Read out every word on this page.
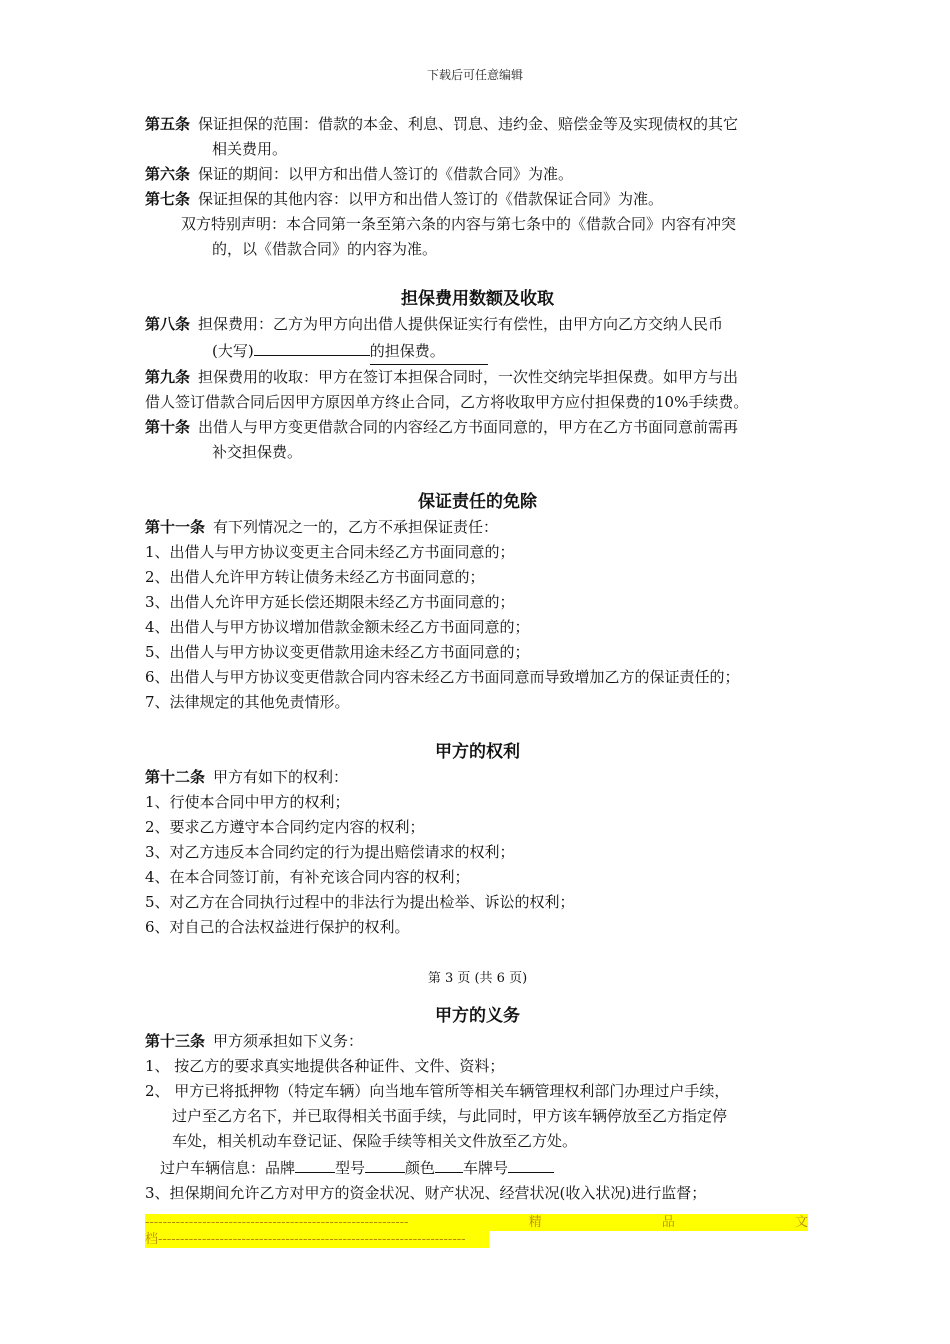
下载后可任意编辑
第五条 保证担保的范围：借款的本金、利息、罚息、违约金、赔偿金等及实现债权的其它
相关费用。
第六条 保证的期间：以甲方和出借人签订的《借款合同》为准。
第七条 保证担保的其他内容：以甲方和出借人签订的《借款保证合同》为准。
双方特别声明：本合同第一条至第六条的内容与第七条中的《借款合同》内容有冲突
的，以《借款合同》的内容为准。
担保费用数额及收取
第八条 担保费用：乙方为甲方向出借人提供保证实行有偿性，由甲方向乙方交纳人民币
(大写)	的担保费。
第九条 担保费用的收取：甲方在签订本担保合同时，一次性交纳完毕担保费。如甲方与出
借人签订借款合同后因甲方原因单方终止合同，乙方将收取甲方应付担保费的10%手续费。
第十条 出借人与甲方变更借款合同的内容经乙方书面同意的，甲方在乙方书面同意前需再
补交担保费。
保证责任的免除
第十一条 有下列情况之一的，乙方不承担保证责任：
1、出借人与甲方协议变更主合同未经乙方书面同意的；
2、出借人允许甲方转让债务未经乙方书面同意的；
3、出借人允许甲方延长偿还期限未经乙方书面同意的；
4、出借人与甲方协议增加借款金额未经乙方书面同意的；
5、出借人与甲方协议变更借款用途未经乙方书面同意的；
6、出借人与甲方协议变更借款合同内容未经乙方书面同意而导致增加乙方的保证责任的；
7、法律规定的其他免责情形。
甲方的权利
第十二条 甲方有如下的权利：
1、行使本合同中甲方的权利；
2、要求乙方遵守本合同约定内容的权利；
3、对乙方违反本合同约定的行为提出赔偿请求的权利；
4、在本合同签订前，有补充该合同内容的权利；
5、对乙方在合同执行过程中的非法行为提出检举、诉讼的权利；
6、对自己的合法权益进行保护的权利。
第 3 页 (共 6 页)
甲方的义务
第十三条 甲方须承担如下义务：
1、 按乙方的要求真实地提供各种证件、文件、资料；
2、 甲方已将抵押物（特定车辆）向当地车管所等相关车辆管理权利部门办理过户手续，
过户至乙方名下，并已取得相关书面手续，与此同时，甲方该车辆停放至乙方指定停
车处，相关机动车登记证、保险手续等相关文件放至乙方处。
过户车辆信息：品牌	型号	颜色 车牌号
3、担保期间允许乙方对甲方的资金状况、财产状况、经营状况(收入状况)进行监督；
------------------------------------------------------------	精	品	文
档----------------------------------------------------------------------
